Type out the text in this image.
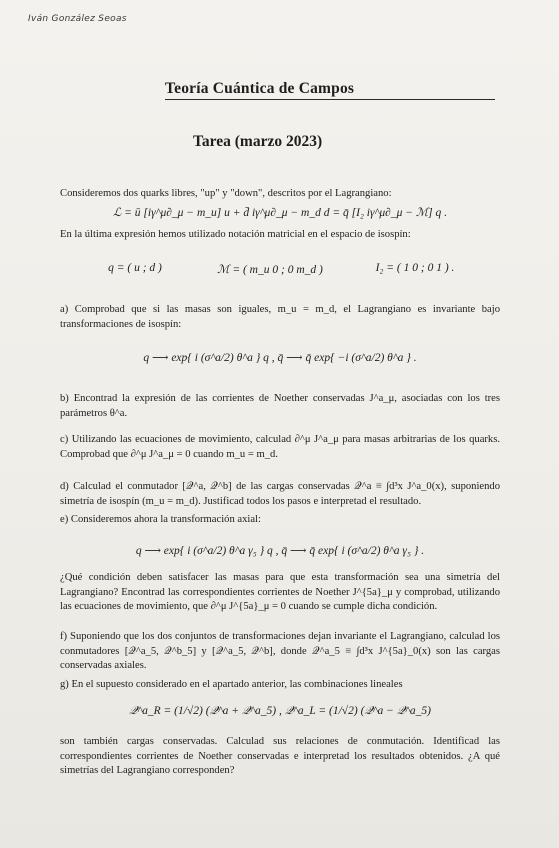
Iván González Seoas
Teoría Cuántica de Campos
Tarea (marzo 2023)
Consideremos dos quarks libres, "up" y "down", descritos por el Lagrangiano:
ℒ = ū [iγ^μ∂_μ − m_u] u + d̄ iγ^μ∂_μ − m_d d = q̄ [I₂ iγ^μ∂_μ − ℳ] q .
En la última expresión hemos utilizado notación matricial en el espacio de isospín:
q = ( u ; d )	ℳ = ( m_u 0 ; 0 m_d )	I₂ = ( 1 0 ; 0 1 ) .
a) Comprobad que si las masas son iguales, m_u = m_d, el Lagrangiano es invariante bajo transformaciones de isospín:
q ⟶ exp{ i (σ^a/2) θ^a } q , q̄ ⟶ q̄ exp{ −i (σ^a/2) θ^a } .
b) Encontrad la expresión de las corrientes de Noether conservadas J^a_μ, asociadas con los tres parámetros θ^a.
c) Utilizando las ecuaciones de movimiento, calculad ∂^μ J^a_μ para masas arbitrarias de los quarks. Comprobad que ∂^μ J^a_μ = 0 cuando m_u = m_d.
d) Calculad el conmutador [𝒬^a, 𝒬^b] de las cargas conservadas 𝒬^a ≡ ∫d³x J^a_0(x), suponiendo simetría de isospín (m_u = m_d). Justificad todos los pasos e interpretad el resultado.
e) Consideremos ahora la transformación axial:
q ⟶ exp{ i (σ^a/2) θ^a γ₅ } q , q̄ ⟶ q̄ exp{ i (σ^a/2) θ^a γ₅ } .
¿Qué condición deben satisfacer las masas para que esta transformación sea una simetría del Lagrangiano? Encontrad las correspondientes corrientes de Noether J^{5a}_μ y comprobad, utilizando las ecuaciones de movimiento, que ∂^μ J^{5a}_μ = 0 cuando se cumple dicha condición.
f) Suponiendo que los dos conjuntos de transformaciones dejan invariante el Lagrangiano, calculad los conmutadores [𝒬^a_5, 𝒬^b_5] y [𝒬^a_5, 𝒬^b], donde 𝒬^a_5 ≡ ∫d³x J^{5a}_0(x) son las cargas conservadas axiales.
g) En el supuesto considerado en el apartado anterior, las combinaciones lineales
𝒬^a_R = (1/√2) (𝒬^a + 𝒬^a_5) , 𝒬^a_L = (1/√2) (𝒬^a − 𝒬^a_5)
son también cargas conservadas. Calculad sus relaciones de conmutación. Identificad las correspondientes corrientes de Noether conservadas e interpretad los resultados obtenidos. ¿A qué simetrías del Lagrangiano corresponden?
